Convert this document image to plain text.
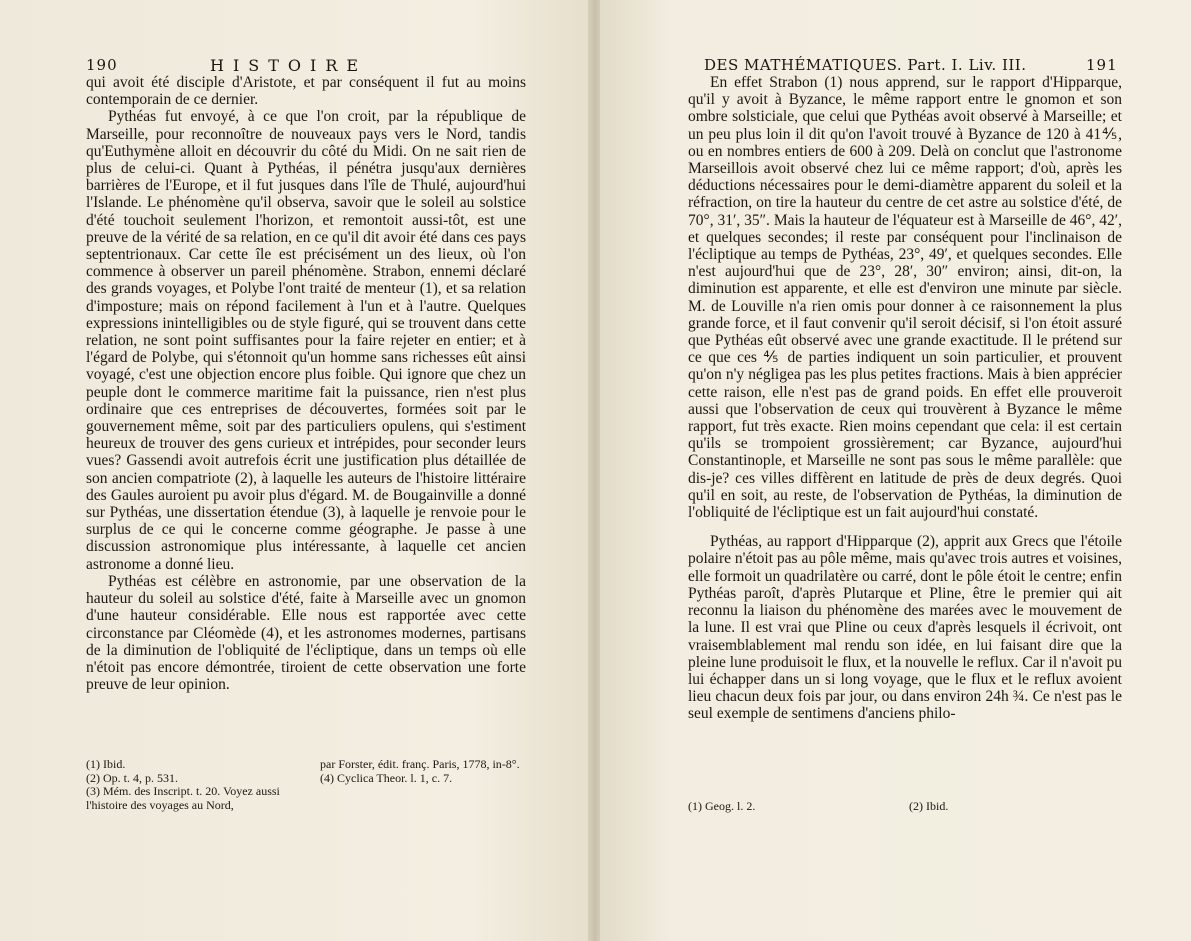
190	HISTOIRE

qui avoit été disciple d'Aristote, et par conséquent il fut au moins contemporain de ce dernier.

Pythéas fut envoyé, à ce que l'on croit, par la république de Marseille, pour reconnoître de nouveaux pays vers le Nord, tandis qu'Euthymène alloit en découvrir du côté du Midi. On ne sait rien de plus de celui-ci. Quant à Pythéas, il pénétra jusqu'aux dernières barrières de l'Europe, et il fut jusques dans l'île de Thulé, aujourd'hui l'Islande. Le phénomène qu'il observa, savoir que le soleil au solstice d'été touchoit seulement l'horizon, et remontoit aussi-tôt, est une preuve de la vérité de sa relation, en ce qu'il dit avoir été dans ces pays septentrionaux. Car cette île est précisément un des lieux, où l'on commence à observer un pareil phénomène. Strabon, ennemi déclaré des grands voyages, et Polybe l'ont traité de menteur (1), et sa relation d'imposture; mais on répond facilement à l'un et à l'autre. Quelques expressions inintelligibles ou de style figuré, qui se trouvent dans cette relation, ne sont point suffisantes pour la faire rejeter en entier; et à l'égard de Polybe, qui s'étonnoit qu'un homme sans richesses eût ainsi voyagé, c'est une objection encore plus foible. Qui ignore que chez un peuple dont le commerce maritime fait la puissance, rien n'est plus ordinaire que ces entreprises de découvertes, formées soit par le gouvernement même, soit par des particuliers opulens, qui s'estiment heureux de trouver des gens curieux et intrépides, pour seconder leurs vues? Gassendi avoit autrefois écrit une justification plus détaillée de son ancien compatriote (2), à laquelle les auteurs de l'histoire littéraire des Gaules auroient pu avoir plus d'égard. M. de Bougainville a donné sur Pythéas, une dissertation étendue (3), à laquelle je renvoie pour le surplus de ce qui le concerne comme géographe. Je passe à une discussion astronomique plus intéressante, à laquelle cet ancien astronome a donné lieu.

Pythéas est célèbre en astronomie, par une observation de la hauteur du soleil au solstice d'été, faite à Marseille avec un gnomon d'une hauteur considérable. Elle nous est rapportée avec cette circonstance par Cléomède (4), et les astronomes modernes, partisans de la diminution de l'obliquité de l'écliptique, dans un temps où elle n'étoit pas encore démontrée, tiroient de cette observation une forte preuve de leur opinion.

(1) Ibid.
(2) Op. t. 4, p. 531.
(3) Mém. des Inscript. t. 20. Voyez aussi l'histoire des voyages au Nord,
par Forster, édit. franç. Paris, 1778, in-8°.
(4) Cyclica Theor. l. 1, c. 7.
DES MATHÉMATIQUES. Part. I. Liv. III.	191

En effet Strabon (1) nous apprend, sur le rapport d'Hipparque, qu'il y avoit à Byzance, le même rapport entre le gnomon et son ombre solsticiale, que celui que Pythéas avoit observé à Marseille; et un peu plus loin il dit qu'on l'avoit trouvé à Byzance de 120 à 41⅘, ou en nombres entiers de 600 à 209. Delà on conclut que l'astronome Marseillois avoit observé chez lui ce même rapport; d'où, après les déductions nécessaires pour le demi-diamètre apparent du soleil et la réfraction, on tire la hauteur du centre de cet astre au solstice d'été, de 70°, 31′, 35″. Mais la hauteur de l'équateur est à Marseille de 46°, 42′, et quelques secondes; il reste par conséquent pour l'inclinaison de l'écliptique au temps de Pythéas, 23°, 49′, et quelques secondes. Elle n'est aujourd'hui que de 23°, 28′, 30″ environ; ainsi, dit-on, la diminution est apparente, et elle est d'environ une minute par siècle. M. de Louville n'a rien omis pour donner à ce raisonnement la plus grande force, et il faut convenir qu'il seroit décisif, si l'on étoit assuré que Pythéas eût observé avec une grande exactitude. Il le prétend sur ce que ces ⅘ de parties indiquent un soin particulier, et prouvent qu'on n'y négligea pas les plus petites fractions. Mais à bien apprécier cette raison, elle n'est pas de grand poids. En effet elle prouveroit aussi que l'observation de ceux qui trouvèrent à Byzance le même rapport, fut très exacte. Rien moins cependant que cela: il est certain qu'ils se trompoient grossièrement; car Byzance, aujourd'hui Constantinople, et Marseille ne sont pas sous le même parallèle: que dis-je? ces villes diffèrent en latitude de près de deux degrés. Quoi qu'il en soit, au reste, de l'observation de Pythéas, la diminution de l'obliquité de l'écliptique est un fait aujourd'hui constaté.

Pythéas, au rapport d'Hipparque (2), apprit aux Grecs que l'étoile polaire n'étoit pas au pôle même, mais qu'avec trois autres et voisines, elle formoit un quadrilatère ou carré, dont le pôle étoit le centre; enfin Pythéas paroît, d'après Plutarque et Pline, être le premier qui ait reconnu la liaison du phénomène des marées avec le mouvement de la lune. Il est vrai que Pline ou ceux d'après lesquels il écrivoit, ont vraisemblablement mal rendu son idée, en lui faisant dire que la pleine lune produisoit le flux, et la nouvelle le reflux. Car il n'avoit pu lui échapper dans un si long voyage, que le flux et le reflux avoient lieu chacun deux fois par jour, ou dans environ 24h ¾. Ce n'est pas le seul exemple de sentimens d'anciens philo-

(1) Geog. l. 2.	(2) Ibid.
